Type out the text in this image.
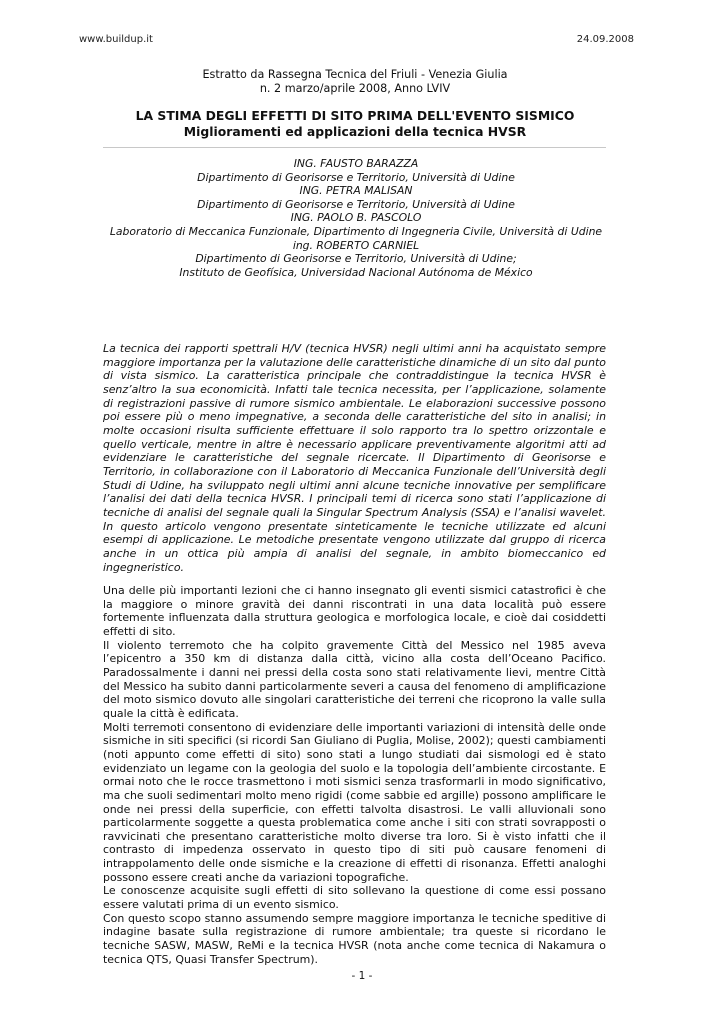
www.buildup.it	24.09.2008
Estratto da Rassegna Tecnica del Friuli - Venezia Giulia
n. 2 marzo/aprile 2008, Anno LVIV
LA STIMA DEGLI EFFETTI DI SITO PRIMA DELL'EVENTO SISMICO
Miglioramenti ed applicazioni della tecnica HVSR
ING. FAUSTO BARAZZA
Dipartimento di Georisorse e Territorio, Università di Udine
ING. PETRA MALISAN
Dipartimento di Georisorse e Territorio, Università di Udine
ING. PAOLO B. PASCOLO
Laboratorio di Meccanica Funzionale, Dipartimento di Ingegneria Civile, Università di Udine
ing. ROBERTO CARNIEL
Dipartimento di Georisorse e Territorio, Università di Udine;
Instituto de Geofísica, Universidad Nacional Autónoma de México

La tecnica dei rapporti spettrali H/V (tecnica HVSR) negli ultimi anni ha acquistato sempre maggiore importanza per la valutazione delle caratteristiche dinamiche di un sito dal punto di vista sismico. La caratteristica principale che contraddistingue la tecnica HVSR è senz’altro la sua economicità. Infatti tale tecnica necessita, per l’applicazione, solamente di registrazioni passive di rumore sismico ambientale. Le elaborazioni successive possono poi essere più o meno impegnative, a seconda delle caratteristiche del sito in analisi; in molte occasioni risulta sufficiente effettuare il solo rapporto tra lo spettro orizzontale e quello verticale, mentre in altre è necessario applicare preventivamente algoritmi atti ad evidenziare le caratteristiche del segnale ricercate. Il Dipartimento di Georisorse e Territorio, in collaborazione con il Laboratorio di Meccanica Funzionale dell’Università degli Studi di Udine, ha sviluppato negli ultimi anni alcune tecniche innovative per semplificare l’analisi dei dati della tecnica HVSR. I principali temi di ricerca sono stati l’applicazione di tecniche di analisi del segnale quali la Singular Spectrum Analysis (SSA) e l’analisi wavelet. In questo articolo vengono presentate sinteticamente le tecniche utilizzate ed alcuni esempi di applicazione. Le metodiche presentate vengono utilizzate dal gruppo di ricerca anche in un ottica più ampia di analisi del segnale, in ambito biomeccanico ed ingegneristico.

Una delle più importanti lezioni che ci hanno insegnato gli eventi sismici catastrofici è che la maggiore o minore gravità dei danni riscontrati in una data località può essere fortemente influenzata dalla struttura geologica e morfologica locale, e cioè dai cosiddetti effetti di sito.

Il violento terremoto che ha colpito gravemente Città del Messico nel 1985 aveva l’epicentro a 350 km di distanza dalla città, vicino alla costa dell’Oceano Pacifico. Paradossalmente i danni nei pressi della costa sono stati relativamente lievi, mentre Città del Messico ha subito danni particolarmente severi a causa del fenomeno di amplificazione del moto sismico dovuto alle singolari caratteristiche dei terreni che ricoprono la valle sulla quale la città è edificata.

Molti terremoti consentono di evidenziare delle importanti variazioni di intensità delle onde sismiche in siti specifici (si ricordi San Giuliano di Puglia, Molise, 2002); questi cambiamenti (noti appunto come effetti di sito) sono stati a lungo studiati dai sismologi ed è stato evidenziato un legame con la geologia del suolo e la topologia dell’ambiente circostante. E ormai noto che le rocce trasmettono i moti sismici senza trasformarli in modo significativo, ma che suoli sedimentari molto meno rigidi (come sabbie ed argille) possono amplificare le onde nei pressi della superficie, con effetti talvolta disastrosi. Le valli alluvionali sono particolarmente soggette a questa problematica come anche i siti con strati sovrapposti o ravvicinati che presentano caratteristiche molto diverse tra loro. Si è visto infatti che il contrasto di impedenza osservato in questo tipo di siti può causare fenomeni di intrappolamento delle onde sismiche e la creazione di effetti di risonanza. Effetti analoghi possono essere creati anche da variazioni topografiche.

Le conoscenze acquisite sugli effetti di sito sollevano la questione di come essi possano essere valutati prima di un evento sismico.

Con questo scopo stanno assumendo sempre maggiore importanza le tecniche speditive di indagine basate sulla registrazione di rumore ambientale; tra queste si ricordano le tecniche SASW, MASW, ReMi e la tecnica HVSR (nota anche come tecnica di Nakamura o tecnica QTS, Quasi Transfer Spectrum).

- 1 -
